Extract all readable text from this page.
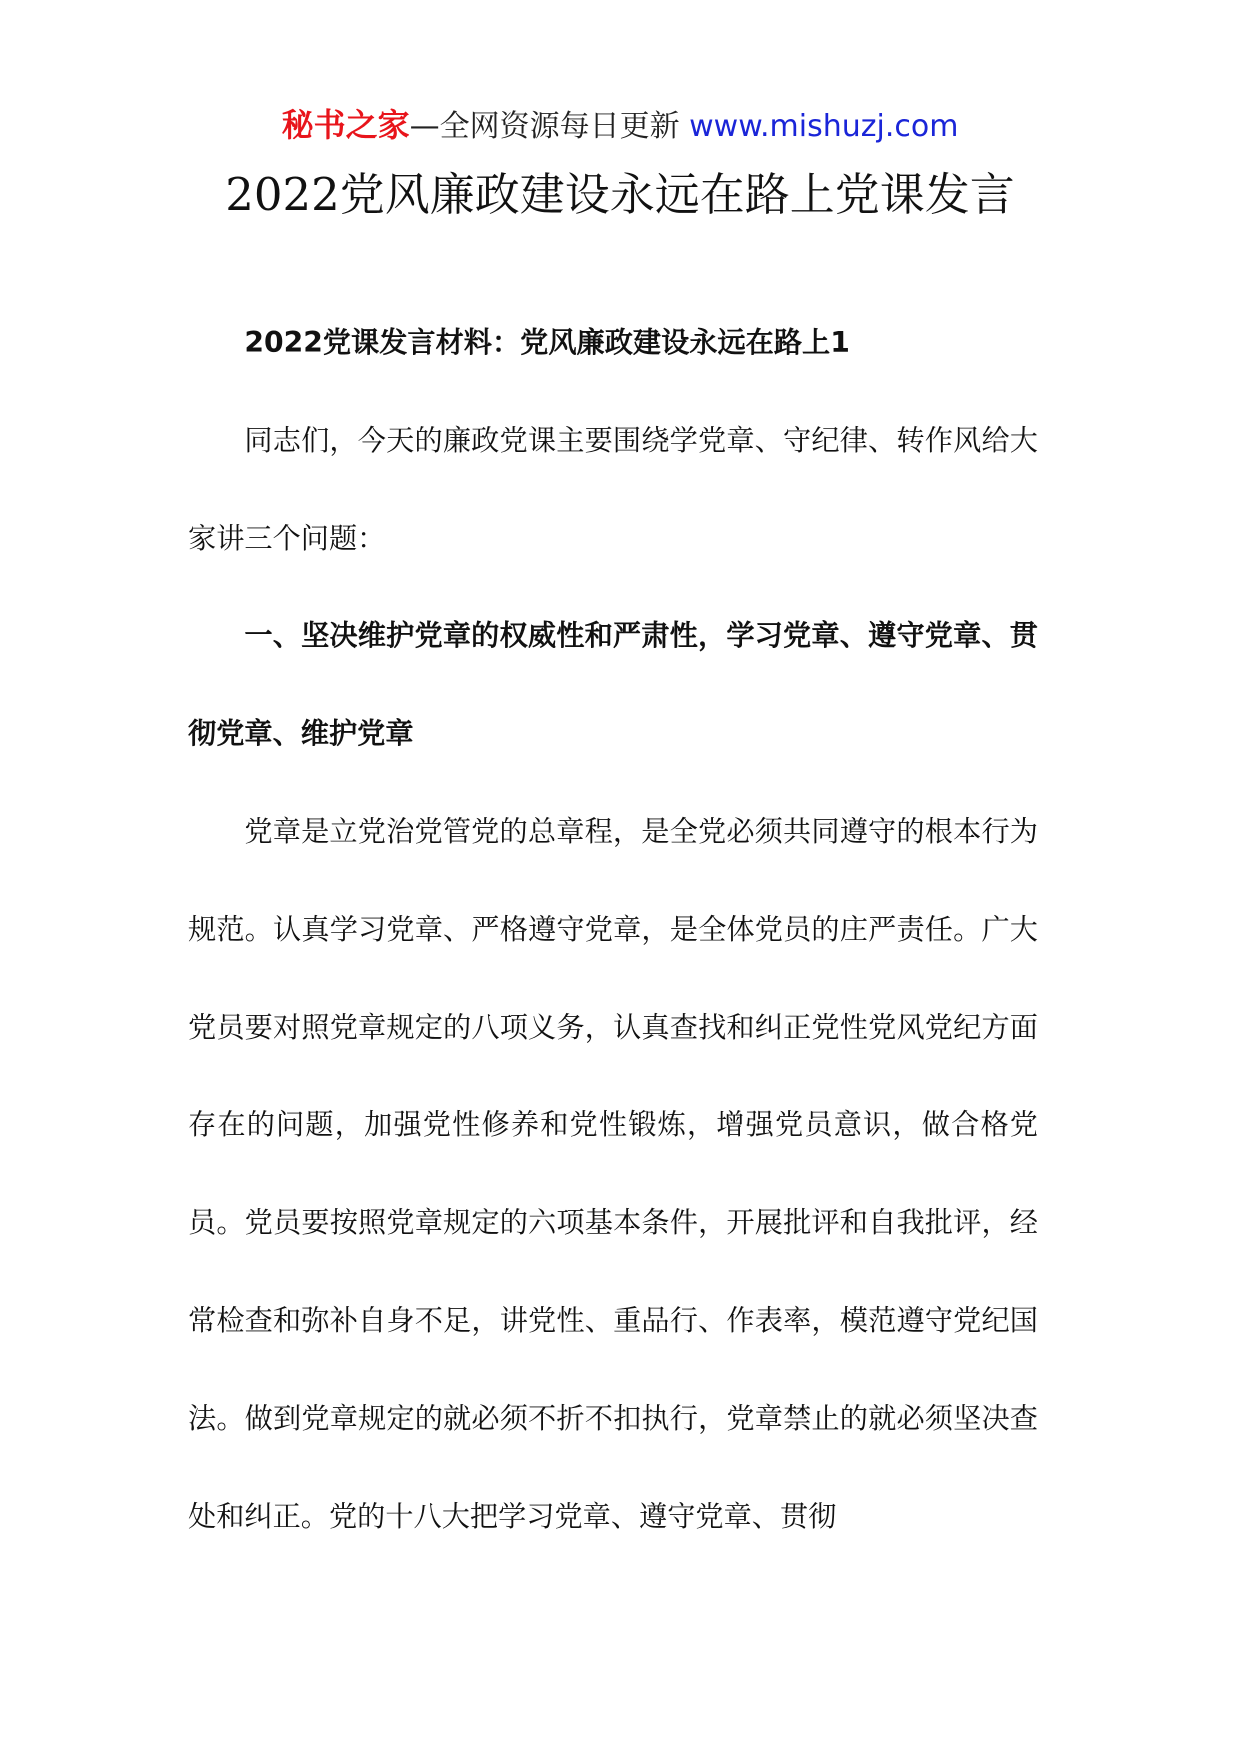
秘书之家—全网资源每日更新 www.mishuzj.com
2022党风廉政建设永远在路上党课发言

2022党课发言材料：党风廉政建设永远在路上1

同志们，今天的廉政党课主要围绕学党章、守纪律、转作风给大家讲三个问题：

一、坚决维护党章的权威性和严肃性，学习党章、遵守党章、贯彻党章、维护党章

党章是立党治党管党的总章程，是全党必须共同遵守的根本行为规范。认真学习党章、严格遵守党章，是全体党员的庄严责任。广大党员要对照党章规定的八项义务，认真查找和纠正党性党风党纪方面存在的问题，加强党性修养和党性锻炼，增强党员意识，做合格党员。党员要按照党章规定的六项基本条件，开展批评和自我批评，经常检查和弥补自身不足，讲党性、重品行、作表率，模范遵守党纪国法。做到党章规定的就必须不折不扣执行，党章禁止的就必须坚决查处和纠正。党的十八大把学习党章、遵守党章、贯彻
